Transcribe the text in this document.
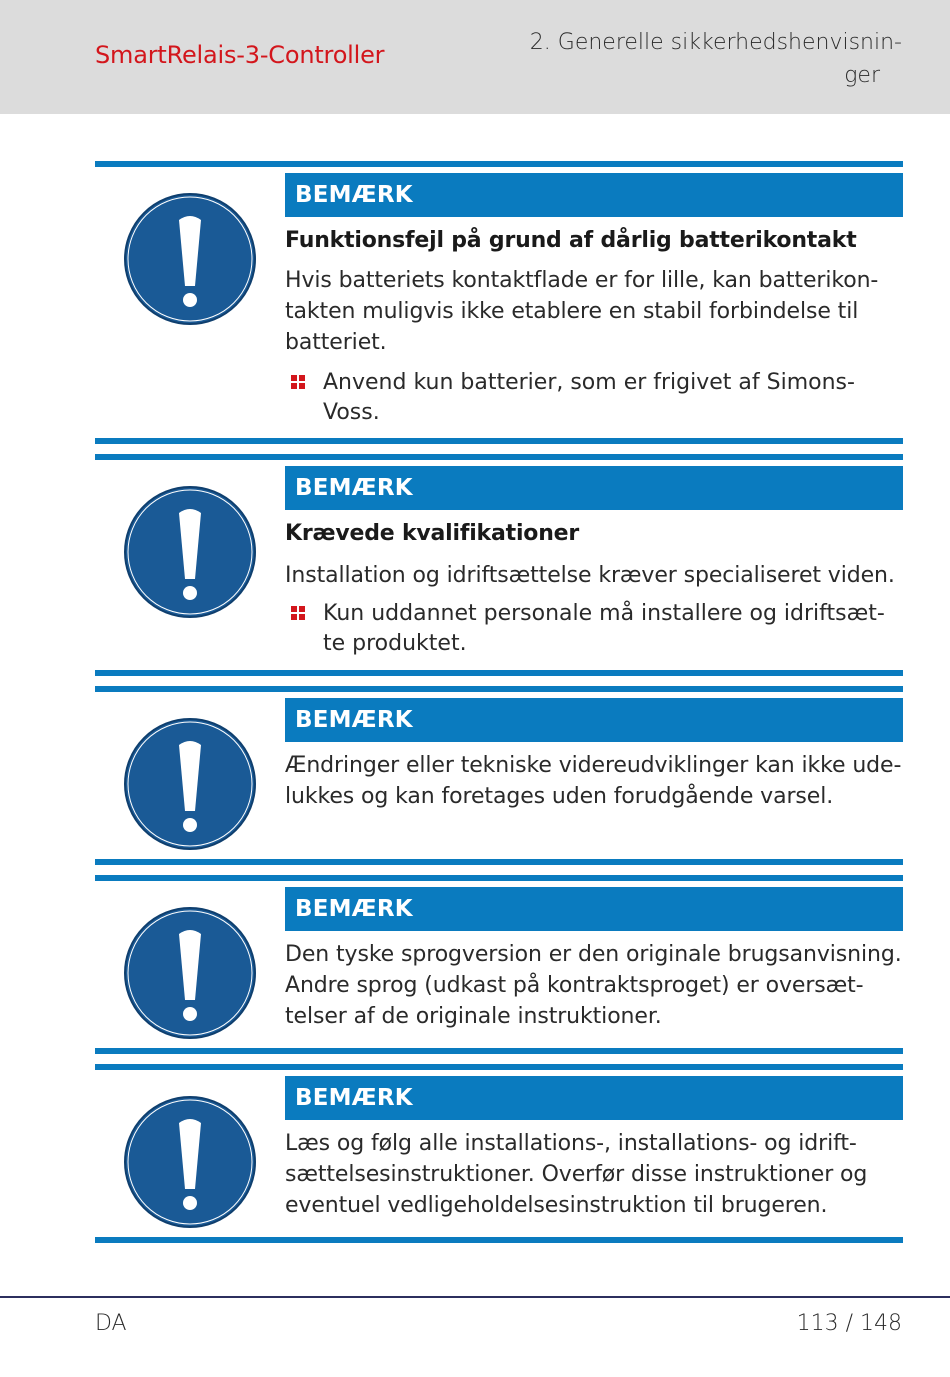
SmartRelais-3-Controller	2. Generelle sikkerhedshenvisnin-
ger
BEMÆRK
Funktionsfejl på grund af dårlig batterikontakt
Hvis batteriets kontaktflade er for lille, kan batterikon-
takten muligvis ikke etablere en stabil forbindelse til
batteriet.
Anvend kun batterier, som er frigivet af Simons-
Voss.
BEMÆRK
Krævede kvalifikationer
Installation og idriftsættelse kræver specialiseret viden.
Kun uddannet personale må installere og idriftsæt-
te produktet.
BEMÆRK
Ændringer eller tekniske videreudviklinger kan ikke ude-
lukkes og kan foretages uden forudgående varsel.
BEMÆRK
Den tyske sprogversion er den originale brugsanvisning.
Andre sprog (udkast på kontraktsproget) er oversæt-
telser af de originale instruktioner.
BEMÆRK
Læs og følg alle installations-, installations- og idrift-
sættelsesinstruktioner. Overfør disse instruktioner og
eventuel vedligeholdelsesinstruktion til brugeren.
DA	113 / 148
